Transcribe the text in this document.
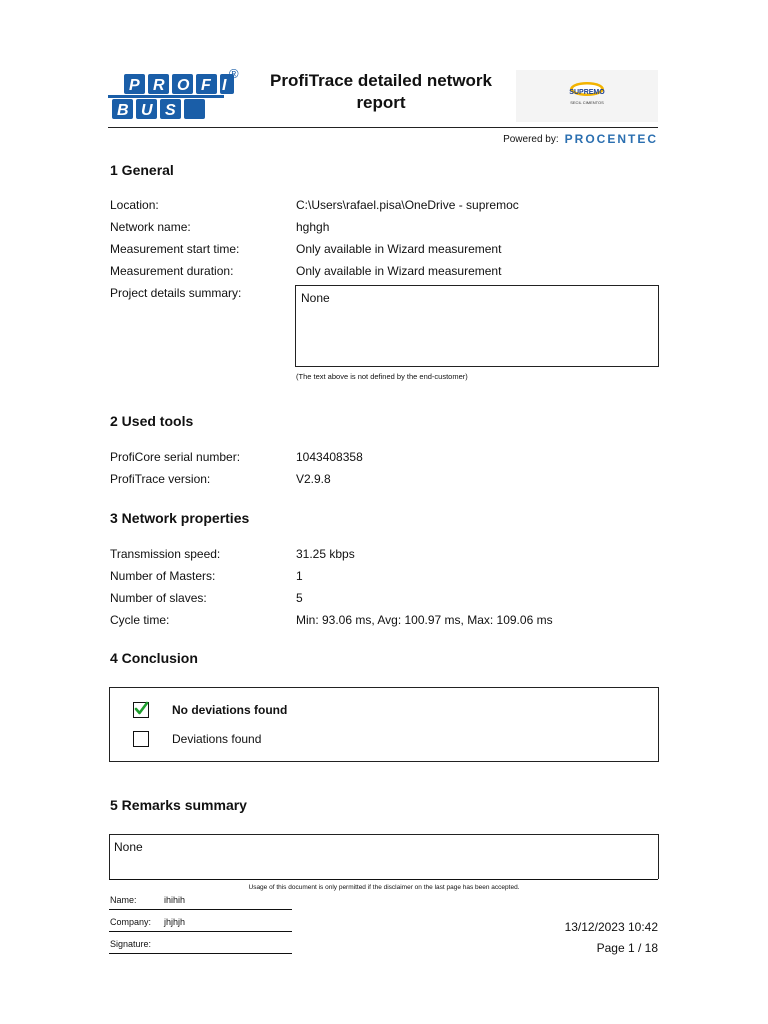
P R O F I
B U S
®	ProfiTrace detailed network
report
SUPREMO
SECIL CIMENTOS
Powered by: PROCENTEC
1 General
Location:	C:\Users\rafael.pisa\OneDrive - supremoc
Network name:	hghgh
Measurement start time:	Only available in Wizard measurement
Measurement duration:	Only available in Wizard measurement
Project details summary:	None
(The text above is not defined by the end-customer)
2 Used tools
ProfiCore serial number:	1043408358
ProfiTrace version:	V2.9.8
3 Network properties
Transmission speed:	31.25 kbps
Number of Masters:	1
Number of slaves:	5
Cycle time:	Min: 93.06 ms, Avg: 100.97 ms, Max: 109.06 ms
4 Conclusion
No deviations found
Deviations found
5 Remarks summary
None
Usage of this document is only permitted if the disclaimer on the last page has been accepted.
Name:	ihihih
Company: jhjhjh
Signature:
13/12/2023 10:42
Page 1 / 18
